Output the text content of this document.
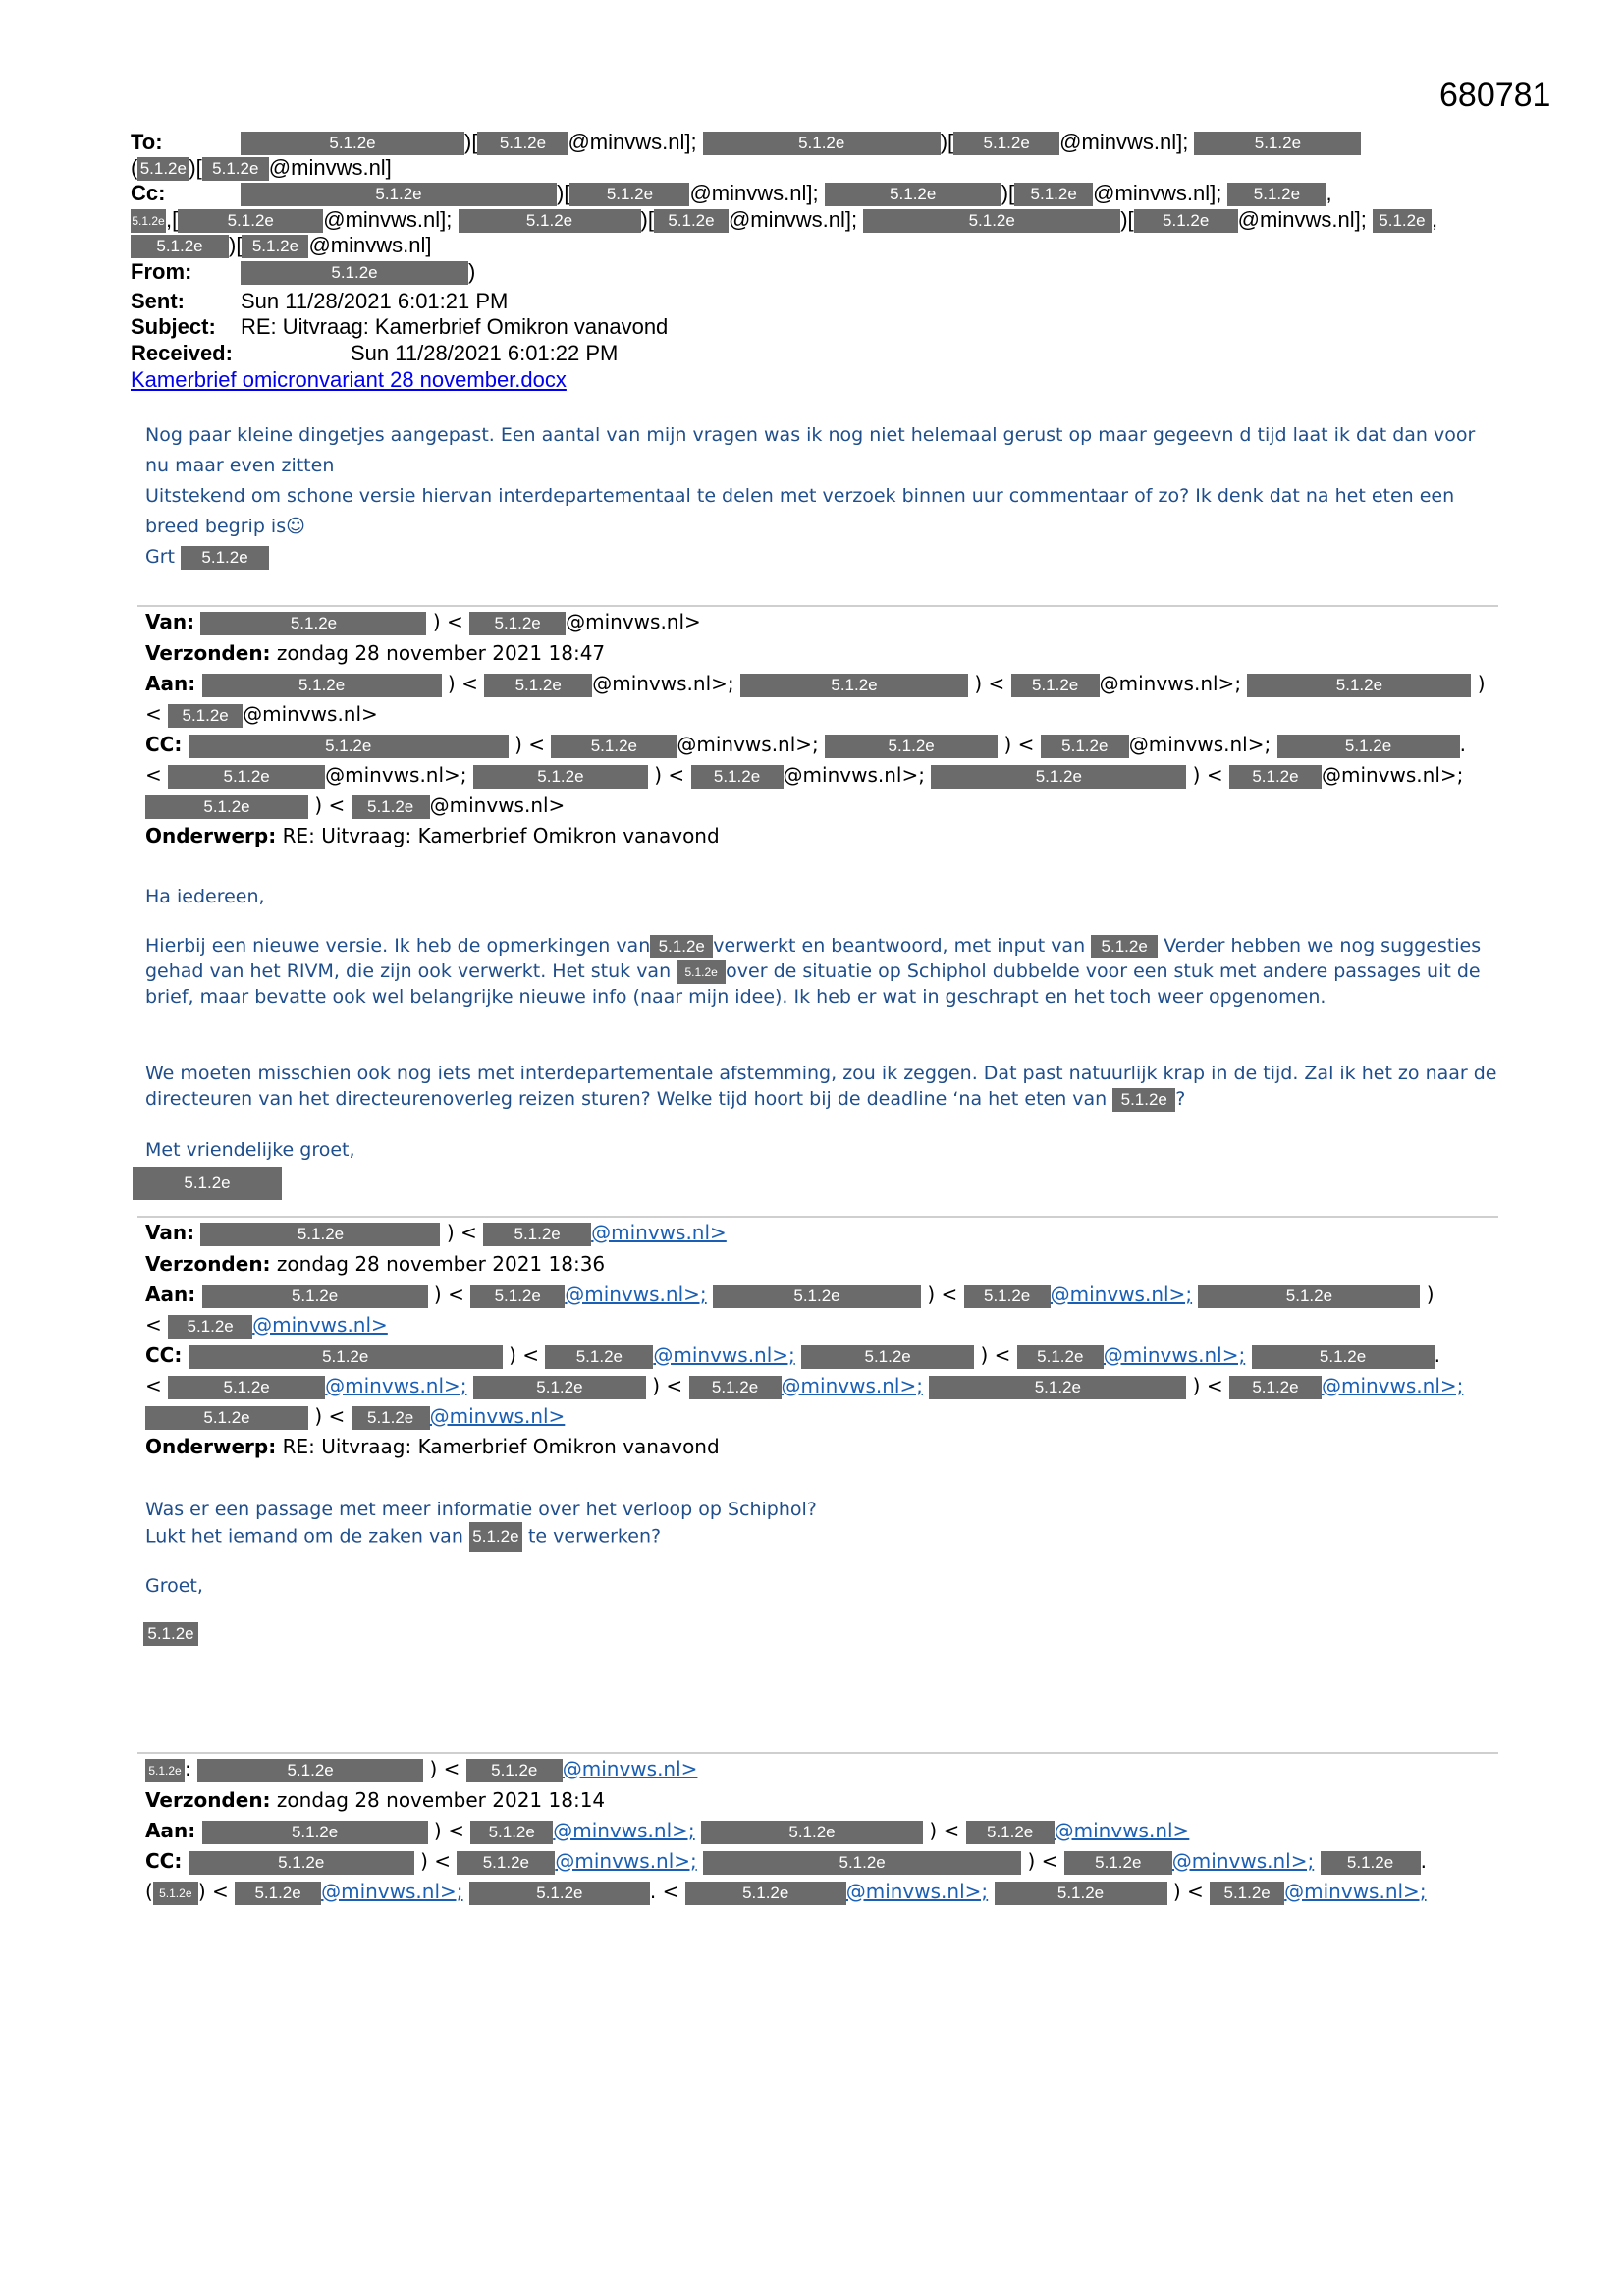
680781
To:	5.1.2e	)[ 5.1.2e @minvws.nl];	5.1.2e	)[ 5.1.2e @minvws.nl];	5.1.2e
( 5.1.2e )[ 5.1.2e @minvws.nl]
Cc:	5.1.2e	)[ 5.1.2e @minvws.nl];	5.1.2e	)[ 5.1.2e @minvws.nl]; 5.1.2e ,
5.1.2e,[	5.1.2e @minvws.nl];	5.1.2e	)[ 5.1.2e @minvws.nl];	5.1.2e	)[ 5.1.2e @minvws.nl]; 5.1.2e ,
5.1.2e )[ 5.1.2e @minvws.nl]
From:	5.1.2e	)
Sent:	Sun 11/28/2021 6:01:21 PM
Subject: RE: Uitvraag: Kamerbrief Omikron vanavond
Received:	Sun 11/28/2021 6:01:22 PM
Kamerbrief omicronvariant 28 november.docx
Nog paar kleine dingetjes aangepast. Een aantal van mijn vragen was ik nog niet helemaal gerust op maar gegeevn d tijd laat ik dat dan voor nu maar even zitten
Uitstekend om schone versie hiervan interdepartementaal te delen met verzoek binnen uur commentaar of zo? Ik denk dat na het eten een breed begrip is☺
Grt 5.1.2e
Van:	5.1.2e	) < 5.1.2e @minvws.nl>
Verzonden: zondag 28 november 2021 18:47
Aan:	5.1.2e	) < 5.1.2e @minvws.nl>;	5.1.2e	) < 5.1.2e @minvws.nl>;	5.1.2e	)
< 5.1.2e @minvws.nl>
CC:	5.1.2e	) < 5.1.2e @minvws.nl>;	5.1.2e	) < 5.1.2e @minvws.nl>;	5.1.2e	.
<	5.1.2e	@minvws.nl>;	5.1.2e	) < 5.1.2e @minvws.nl>;	5.1.2e	) < 5.1.2e @minvws.nl>;
5.1.2e	) < 5.1.2e @minvws.nl>
Onderwerp: RE: Uitvraag: Kamerbrief Omikron vanavond
Ha iedereen,
Hierbij een nieuwe versie. Ik heb de opmerkingen van 5.1.2e verwerkt en beantwoord, met input van 5.1.2e Verder hebben we nog suggesties gehad van het RIVM, die zijn ook verwerkt. Het stuk van 5.1.2e over de situatie op Schiphol dubbelde voor een stuk met andere passages uit de brief, maar bevatte ook wel belangrijke nieuwe info (naar mijn idee). Ik heb er wat in geschrapt en het toch weer opgenomen.
We moeten misschien ook nog iets met interdepartementale afstemming, zou ik zeggen. Dat past natuurlijk krap in de tijd. Zal ik het zo naar de directeuren van het directeurenoverleg reizen sturen? Welke tijd hoort bij de deadline ‘na het eten van 5.1.2e ?
Met vriendelijke groet,
5.1.2e
Van:	5.1.2e	) < 5.1.2e @minvws.nl>
Verzonden: zondag 28 november 2021 18:36
Aan:	5.1.2e	) < 5.1.2e @minvws.nl>;	5.1.2e	) < 5.1.2e @minvws.nl>;	5.1.2e	)
< 5.1.2e @minvws.nl>
CC:	5.1.2e	) < 5.1.2e @minvws.nl>;	5.1.2e	) < 5.1.2e @minvws.nl>;	5.1.2e	.
<	5.1.2e	@minvws.nl>;	5.1.2e	) < 5.1.2e @minvws.nl>;	5.1.2e	) < 5.1.2e @minvws.nl>;
5.1.2e	) < 5.1.2e @minvws.nl>
Onderwerp: RE: Uitvraag: Kamerbrief Omikron vanavond
Was er een passage met meer informatie over het verloop op Schiphol?
Lukt het iemand om de zaken van 5.1.2e te verwerken?
Groet,
5.1.2e
5.1.2e :	5.1.2e	) < 5.1.2e @minvws.nl>
Verzonden: zondag 28 november 2021 18:14
Aan:	5.1.2e	) < 5.1.2e @minvws.nl>;	5.1.2e	) < 5.1.2e @minvws.nl>
CC:	5.1.2e	) < 5.1.2e @minvws.nl>;	5.1.2e	) < 5.1.2e @minvws.nl>; 5.1.2e .
( 5.1.2e ) < 5.1.2e @minvws.nl>;	5.1.2e	. <	5.1.2e	@minvws.nl>;	5.1.2e	) < 5.1.2e @minvws.nl>;
